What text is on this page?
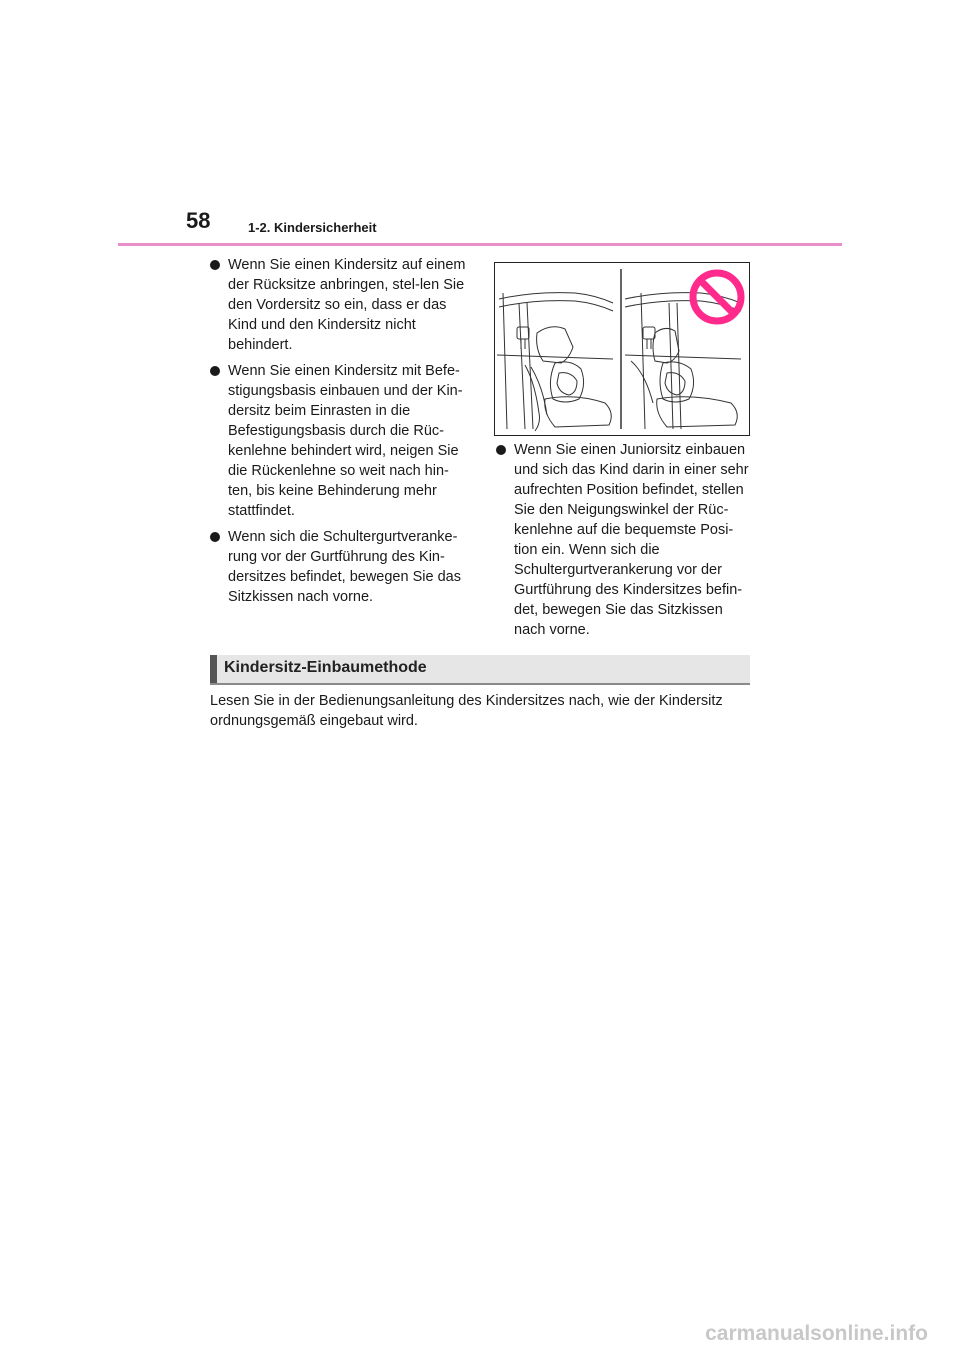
58	1-2. Kindersicherheit
Wenn Sie einen Kindersitz auf einem der Rücksitze anbringen, stel-len Sie den Vordersitz so ein, dass er das Kind und den Kindersitz nicht behindert.
Wenn Sie einen Kindersitz mit Befe-stigungsbasis einbauen und der Kin-dersitz beim Einrasten in die Befestigungsbasis durch die Rüc-kenlehne behindert wird, neigen Sie die Rückenlehne so weit nach hin-ten, bis keine Behinderung mehr stattfindet.
Wenn sich die Schultergurtveranke-rung vor der Gurtführung des Kin-dersitzes befindet, bewegen Sie das Sitzkissen nach vorne.
Wenn Sie einen Juniorsitz einbauen und sich das Kind darin in einer sehr aufrechten Position befindet, stellen Sie den Neigungswinkel der Rüc-kenlehne auf die bequemste Posi-tion ein. Wenn sich die Schultergurtverankerung vor der Gurtführung des Kindersitzes befin-det, bewegen Sie das Sitzkissen nach vorne.
Kindersitz-Einbaumethode
Lesen Sie in der Bedienungsanleitung des Kindersitzes nach, wie der Kindersitz ordnungsgemäß eingebaut wird.
carmanualsonline.info
